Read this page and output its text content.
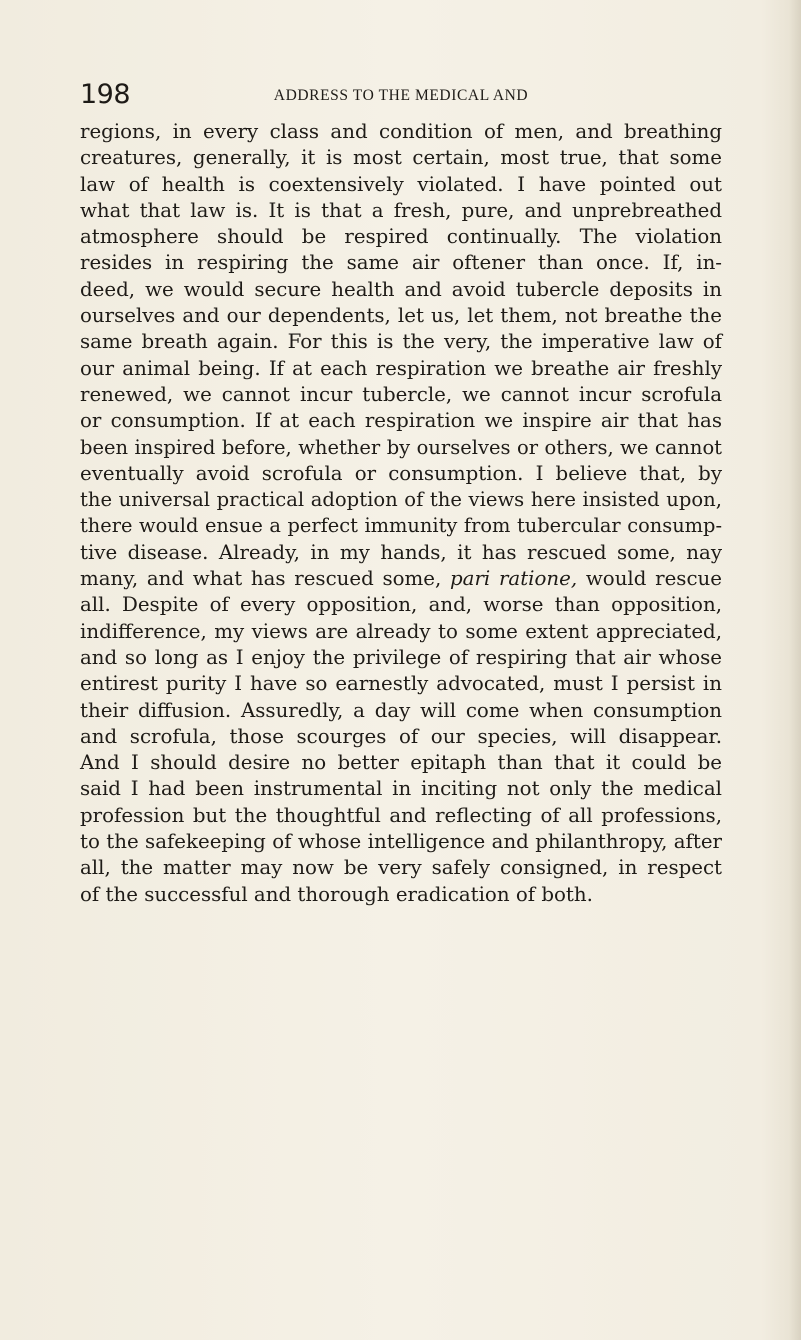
198	ADDRESS TO THE MEDICAL AND
regions, in every class and condition of men, and breathing
creatures, generally, it is most certain, most true, that some
law of health is coextensively violated. I have pointed out
what that law is. It is that a fresh, pure, and unprebreathed
atmosphere should be respired continually. The violation
resides in respiring the same air oftener than once. If, in-
deed, we would secure health and avoid tubercle deposits in
ourselves and our dependents, let us, let them, not breathe the
same breath again. For this is the very, the imperative law of
our animal being. If at each respiration we breathe air freshly
renewed, we cannot incur tubercle, we cannot incur scrofula
or consumption. If at each respiration we inspire air that has
been inspired before, whether by ourselves or others, we cannot
eventually avoid scrofula or consumption. I believe that, by
the universal practical adoption of the views here insisted upon,
there would ensue a perfect immunity from tubercular consump-
tive disease. Already, in my hands, it has rescued some, nay
many, and what has rescued some, pari ratione, would rescue
all. Despite of every opposition, and, worse than opposition,
indifference, my views are already to some extent appreciated,
and so long as I enjoy the privilege of respiring that air whose
entirest purity I have so earnestly advocated, must I persist in
their diffusion. Assuredly, a day will come when consumption
and scrofula, those scourges of our species, will disappear.
And I should desire no better epitaph than that it could be
said I had been instrumental in inciting not only the medical
profession but the thoughtful and reflecting of all professions,
to the safekeeping of whose intelligence and philanthropy, after
all, the matter may now be very safely consigned, in respect
of the successful and thorough eradication of both.
